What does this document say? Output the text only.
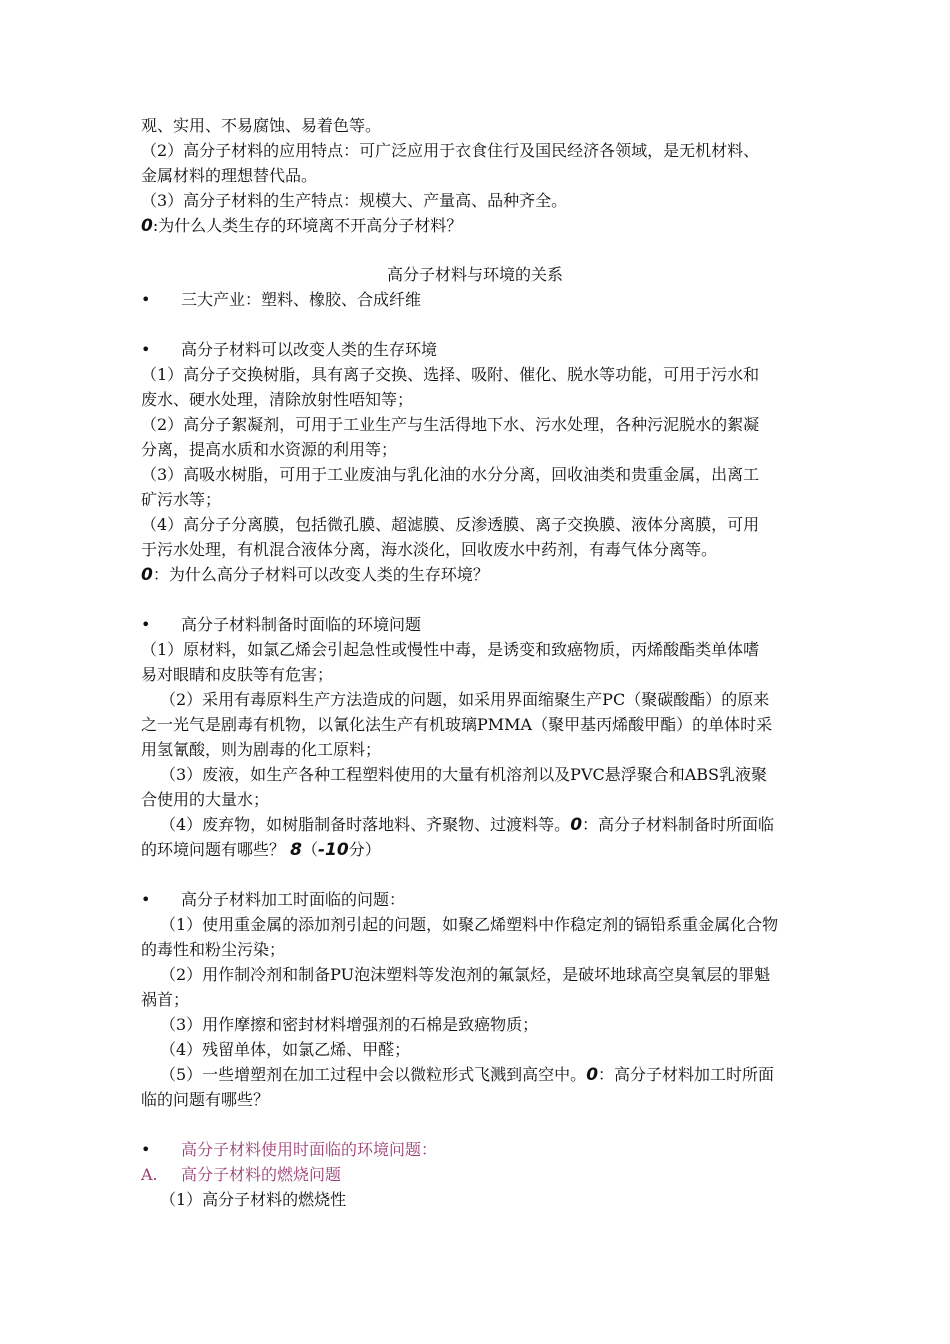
观、实用、不易腐蚀、易着色等。
（2）高分子材料的应用特点：可广泛应用于衣食住行及国民经济各领域，是无机材料、
金属材料的理想替代品。
（3）高分子材料的生产特点：规模大、产量高、品种齐全。
0:为什么人类生存的环境离不开高分子材料？
高分子材料与环境的关系
• 三大产业：塑料、橡胶、合成纤维
• 高分子材料可以改变人类的生存环境
（1）高分子交换树脂，具有离子交换、选择、吸附、催化、脱水等功能，可用于污水和
废水、硬水处理，清除放射性唔知等；
（2）高分子絮凝剂，可用于工业生产与生活得地下水、污水处理，各种污泥脱水的絮凝
分离，提高水质和水资源的利用等；
（3）高吸水树脂，可用于工业废油与乳化油的水分分离，回收油类和贵重金属，出离工
矿污水等；
（4）高分子分离膜，包括微孔膜、超滤膜、反渗透膜、离子交换膜、液体分离膜，可用
于污水处理，有机混合液体分离，海水淡化，回收废水中药剂，有毒气体分离等。
0：为什么高分子材料可以改变人类的生存环境？
• 高分子材料制备时面临的环境问题
（1）原材料，如氯乙烯会引起急性或慢性中毒，是诱变和致癌物质，丙烯酸酯类单体嗜
易对眼睛和皮肤等有危害；
（2）采用有毒原料生产方法造成的问题，如采用界面缩聚生产PC（聚碳酸酯）的原来
之一光气是剧毒有机物，以氰化法生产有机玻璃PMMA（聚甲基丙烯酸甲酯）的单体时采
用氢氰酸，则为剧毒的化工原料；
（3）废液，如生产各种工程塑料使用的大量有机溶剂以及PVC悬浮聚合和ABS乳液聚
合使用的大量水；
（4）废弃物，如树脂制备时落地料、齐聚物、过渡料等。0：高分子材料制备时所面临
的环境问题有哪些？ 8（-10分）
• 高分子材料加工时面临的问题：
（1）使用重金属的添加剂引起的问题，如聚乙烯塑料中作稳定剂的镉铅系重金属化合物
的毒性和粉尘污染；
（2）用作制冷剂和制备PU泡沫塑料等发泡剂的氟氯烃，是破坏地球高空臭氧层的罪魁
祸首；
（3）用作摩擦和密封材料增强剂的石棉是致癌物质；
（4）残留单体，如氯乙烯、甲醛；
（5）一些增塑剂在加工过程中会以微粒形式飞溅到高空中。0：高分子材料加工时所面
临的问题有哪些？
• 高分子材料使用时面临的环境问题：
A. 高分子材料的燃烧问题
（1）高分子材料的燃烧性
